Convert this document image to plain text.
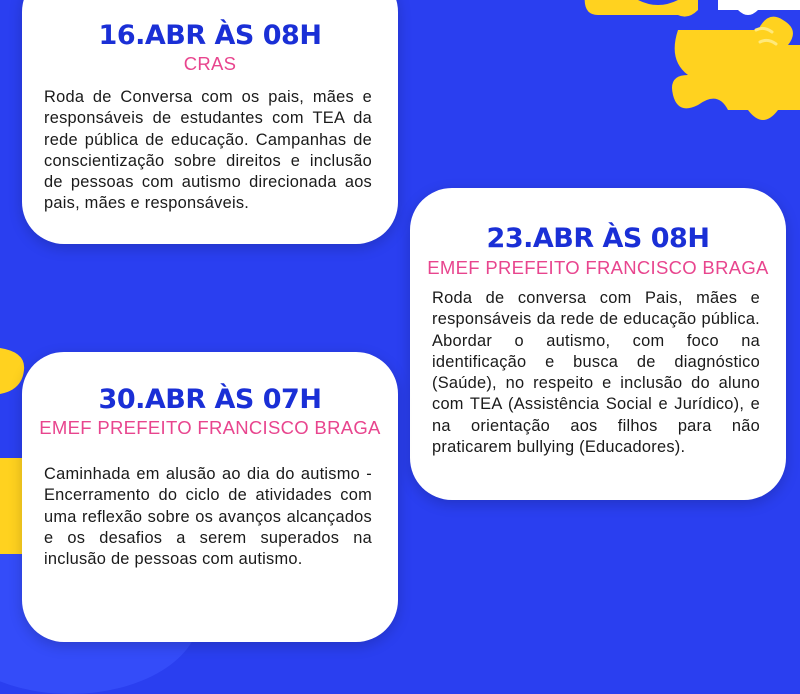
16.ABR ÀS 08H
CRAS
Roda de Conversa com os pais, mães e responsáveis de estudantes com TEA da rede pública de educação. Campanhas de conscientização sobre direitos e inclusão de pessoas com autismo direcionada aos pais, mães e responsáveis.
23.ABR ÀS 08H
EMEF PREFEITO FRANCISCO BRAGA
Roda de conversa com Pais, mães e responsáveis da rede de educação pública. Abordar o autismo, com foco na identificação e busca de diagnóstico (Saúde), no respeito e inclusão do aluno com TEA (Assistência Social e Jurídico), e na orientação aos filhos para não praticarem bullying (Educadores).
30.ABR ÀS 07H
EMEF PREFEITO FRANCISCO BRAGA
Caminhada em alusão ao dia do autismo - Encerramento do ciclo de atividades com uma reflexão sobre os avanços alcançados e os desafios a serem superados na inclusão de pessoas com autismo.
